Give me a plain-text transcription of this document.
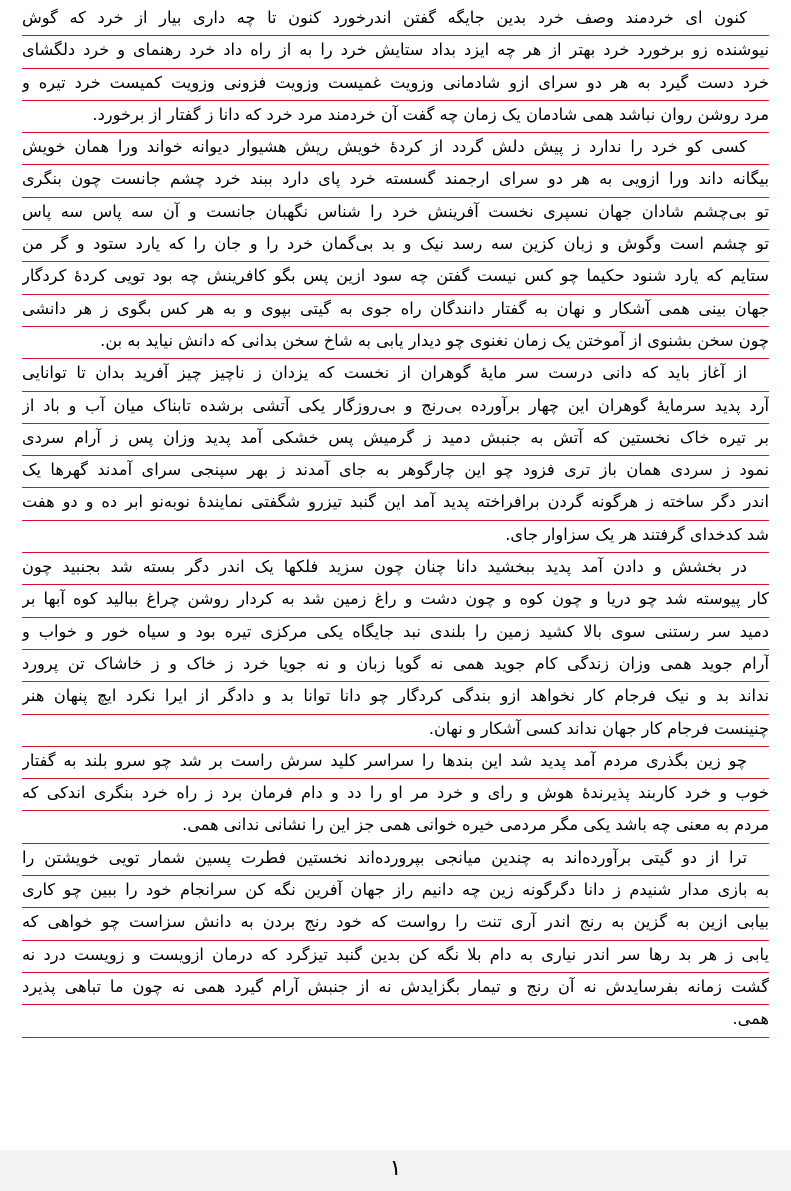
کنون ای خردمند وصف خرد بدین جایگه گفتن اندرخورد کنون تا چه داری بیار از خرد که گوش
نیوشنده زو برخورد خرد بهتر از هر چه ایزد بداد ستایش خرد را به از راه داد خرد رهنمای و خرد دلگشای
خرد دست گیرد به هر دو سرای ازو شادمانی وزویت غمیست وزویت فزونی وزویت کمیست خرد تیره و
مرد روشن روان نباشد همی شادمان یک زمان چه گفت آن خردمند مرد خرد که دانا ز گفتار از برخورد.
کسی کو خرد را ندارد ز پیش دلش گردد از کردهٔ خویش ریش هشیوار دیوانه خواند ورا همان خویش
بیگانه داند ورا ازویی به هر دو سرای ارجمند گسسته خرد پای دارد ببند خرد چشم جانست چون بنگری
تو بی‌چشم شادان جهان نسپری نخست آفرینش خرد را شناس نگهبان جانست و آن سه پاس سه پاس
تو چشم است وگوش و زبان کزین سه رسد نیک و بد بی‌گمان خرد را و جان را که یارد ستود و گر من
ستایم که یارد شنود حکیما چو کس نیست گفتن چه سود ازین پس بگو کافرینش چه بود تویی کردهٔ کردگار
جهان بینی همی آشکار و نهان به گفتار دانندگان راه جوی به گیتی بپوی و به هر کس بگوی ز هر دانشی
چون سخن بشنوی از آموختن یک زمان نغنوی چو دیدار یابی به شاخ سخن بدانی که دانش نیاید به بن.
از آغاز باید که دانی درست سر مایهٔ گوهران از نخست که یزدان ز ناچیز چیز آفرید بدان تا توانایی
آرد پدید سرمایهٔ گوهران این چهار برآورده بی‌رنج و بی‌روزگار یکی آتشی برشده تابناک میان آب و باد از
بر تیره خاک نخستین که آتش به جنبش دمید ز گرمیش پس خشکی آمد پدید وزان پس ز آرام سردی
نمود ز سردی همان باز تری فزود چو این چارگوهر به جای آمدند ز بهر سپنجی سرای آمدند گهرها یک
اندر دگر ساخته ز هرگونه گردن برافراخته پدید آمد این گنبد تیزرو شگفتی نمایندهٔ نوبه‌نو ابر ده و دو هفت
شد کدخدای گرفتند هر یک سزاوار جای.
در بخشش و دادن آمد پدید ببخشید دانا چنان چون سزید فلکها یک اندر دگر بسته شد بجنبید چون
کار پیوسته شد چو دریا و چون کوه و چون دشت و راغ زمین شد به کردار روشن چراغ ببالید کوه آبها بر
دمید سر رستنی سوی بالا کشید زمین را بلندی نبد جایگاه یکی مرکزی تیره بود و سیاه خور و خواب و
آرام جوید همی وزان زندگی کام جوید همی نه گویا زبان و نه جویا خرد ز خاک و ز خاشاک تن پرورد
نداند بد و نیک فرجام کار نخواهد ازو بندگی کردگار چو دانا توانا بد و دادگر از ایرا نکرد ایچ پنهان هنر
چنینست فرجام کار جهان نداند کسی آشکار و نهان.
چو زین بگذری مردم آمد پدید شد این بندها را سراسر کلید سرش راست بر شد چو سرو بلند به گفتار
خوب و خرد کاربند پذیرندهٔ هوش و رای و خرد مر او را دد و دام فرمان برد ز راه خرد بنگری اندکی که
مردم به معنی چه باشد یکی مگر مردمی خیره خوانی همی جز این را نشانی ندانی همی.
ترا از دو گیتی برآورده‌اند به چندین میانجی بپرورده‌اند نخستین فطرت پسین شمار تویی خویشتن را
به بازی مدار شنیدم ز دانا دگرگونه زین چه دانیم راز جهان آفرین نگه کن سرانجام خود را ببین چو کاری
بیابی ازین به گزین به رنج اندر آری تنت را رواست که خود رنج بردن به دانش سزاست چو خواهی که
یابی ز هر بد رها سر اندر نیاری به دام بلا نگه کن بدین گنبد تیزگرد که درمان ازویست و زویست درد نه
گشت زمانه بفرسایدش نه آن رنج و تیمار بگزایدش نه از جنبش آرام گیرد همی نه چون ما تباهی پذیرد
همی.
۱
